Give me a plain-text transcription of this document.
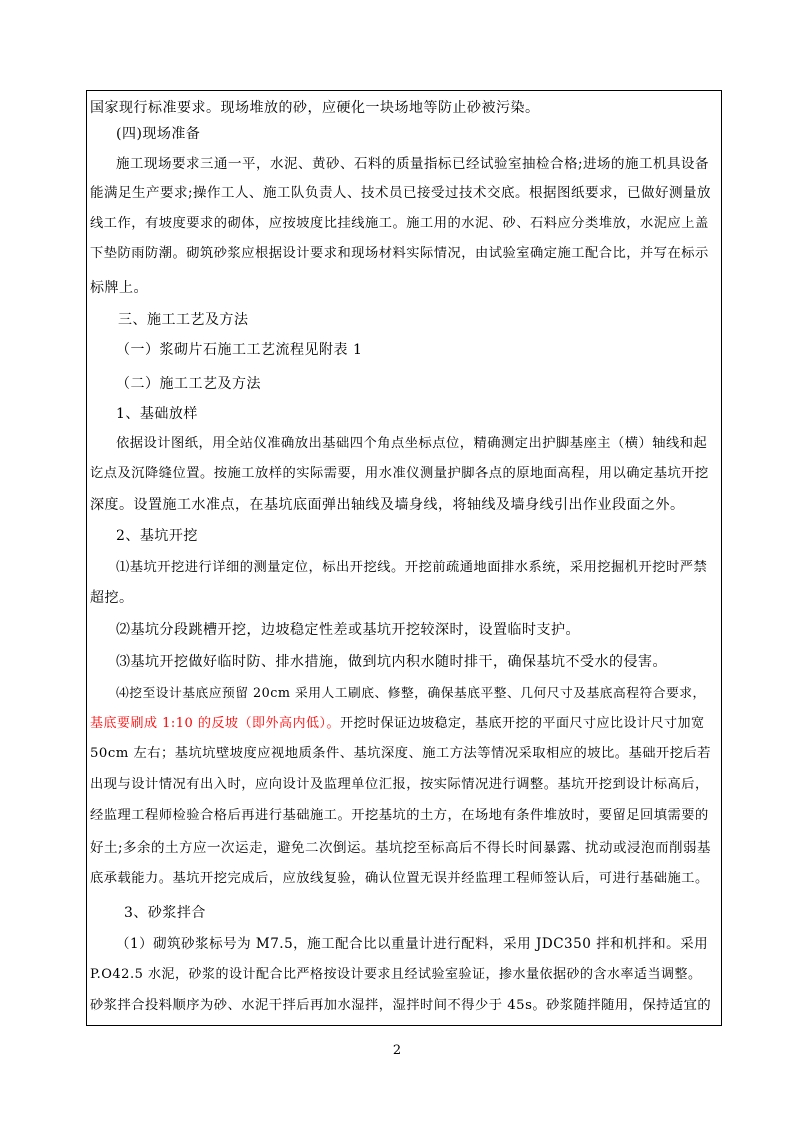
国家现行标准要求。现场堆放的砂，应硬化一块场地等防止砂被污染。
(四)现场准备
施工现场要求三通一平，水泥、黄砂、石料的质量指标已经试验室抽检合格;进场的施工机具设备
能满足生产要求;操作工人、施工队负责人、技术员已接受过技术交底。根据图纸要求，已做好测量放
线工作，有坡度要求的砌体，应按坡度比挂线施工。施工用的水泥、砂、石料应分类堆放，水泥应上盖
下垫防雨防潮。砌筑砂浆应根据设计要求和现场材料实际情况，由试验室确定施工配合比，并写在标示
标牌上。
三、施工工艺及方法
（一）浆砌片石施工工艺流程见附表 1
（二）施工工艺及方法
1、基础放样
依据设计图纸，用全站仪准确放出基础四个角点坐标点位，精确测定出护脚基座主（横）轴线和起
讫点及沉降缝位置。按施工放样的实际需要，用水准仪测量护脚各点的原地面高程，用以确定基坑开挖
深度。设置施工水准点，在基坑底面弹出轴线及墙身线，将轴线及墙身线引出作业段面之外。
2、基坑开挖
⑴基坑开挖进行详细的测量定位，标出开挖线。开挖前疏通地面排水系统，采用挖掘机开挖时严禁
超挖。
⑵基坑分段跳槽开挖，边坡稳定性差或基坑开挖较深时，设置临时支护。
⑶基坑开挖做好临时防、排水措施，做到坑内积水随时排干，确保基坑不受水的侵害。
⑷挖至设计基底应预留 20cm 采用人工刷底、修整，确保基底平整、几何尺寸及基底高程符合要求，
基底要刷成 1:10 的反坡（即外高内低）。开挖时保证边坡稳定，基底开挖的平面尺寸应比设计尺寸加宽
50cm 左右；基坑坑壁坡度应视地质条件、基坑深度、施工方法等情况采取相应的坡比。基础开挖后若
出现与设计情况有出入时，应向设计及监理单位汇报，按实际情况进行调整。基坑开挖到设计标高后，
经监理工程师检验合格后再进行基础施工。开挖基坑的土方，在场地有条件堆放时，要留足回填需要的
好土;多余的土方应一次运走，避免二次倒运。基坑挖至标高后不得长时间暴露、扰动或浸泡而削弱基
底承载能力。基坑开挖完成后，应放线复验，确认位置无误并经监理工程师签认后，可进行基础施工。
3、砂浆拌合
（1）砌筑砂浆标号为 M7.5，施工配合比以重量计进行配料，采用 JDC350 拌和机拌和。采用
P.O42.5 水泥，砂浆的设计配合比严格按设计要求且经试验室验证，掺水量依据砂的含水率适当调整。
砂浆拌合投料顺序为砂、水泥干拌后再加水湿拌，湿拌时间不得少于 45s。砂浆随拌随用，保持适宜的
2
